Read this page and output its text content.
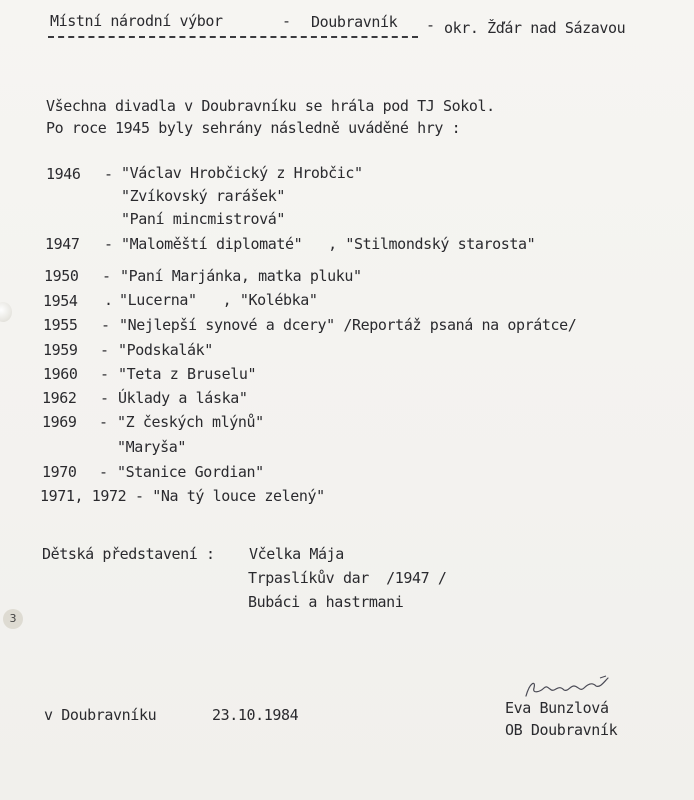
Místní národní výbor	- Doubravník - okr. Žďár nad Sázavou
Všechna divadla v Doubravníku se hrála pod TJ Sokol.
Po roce 1945 byly sehrány následně uváděné hry :
1946 - "Václav Hrobčický z Hrobčic"
"Zvíkovský rarášek"
"Paní mincmistrová"
1947 - "Maloměští diplomaté"   , "Stilmondský starosta"
1950 - "Paní Marjánka, matka pluku"
1954 . "Lucerna"   , "Kolébka"
1955 - "Nejlepší synové a dcery" /Reportáž psaná na oprátce/
1959 - "Podskalák"
1960 - "Teta z Bruselu"
1962 - Úklady a láska"
1969 - "Z českých mlýnů"
"Maryša"
1970 - "Stanice Gordian"
1971, 1972 - "Na tý louce zelený"
Dětská představení : Včelka Mája
Trpaslíkův dar  /1947 /
Bubáci a hastrmani
v Doubravníku	23.10.1984	Eva Bunzlová
OB Doubravník
3
